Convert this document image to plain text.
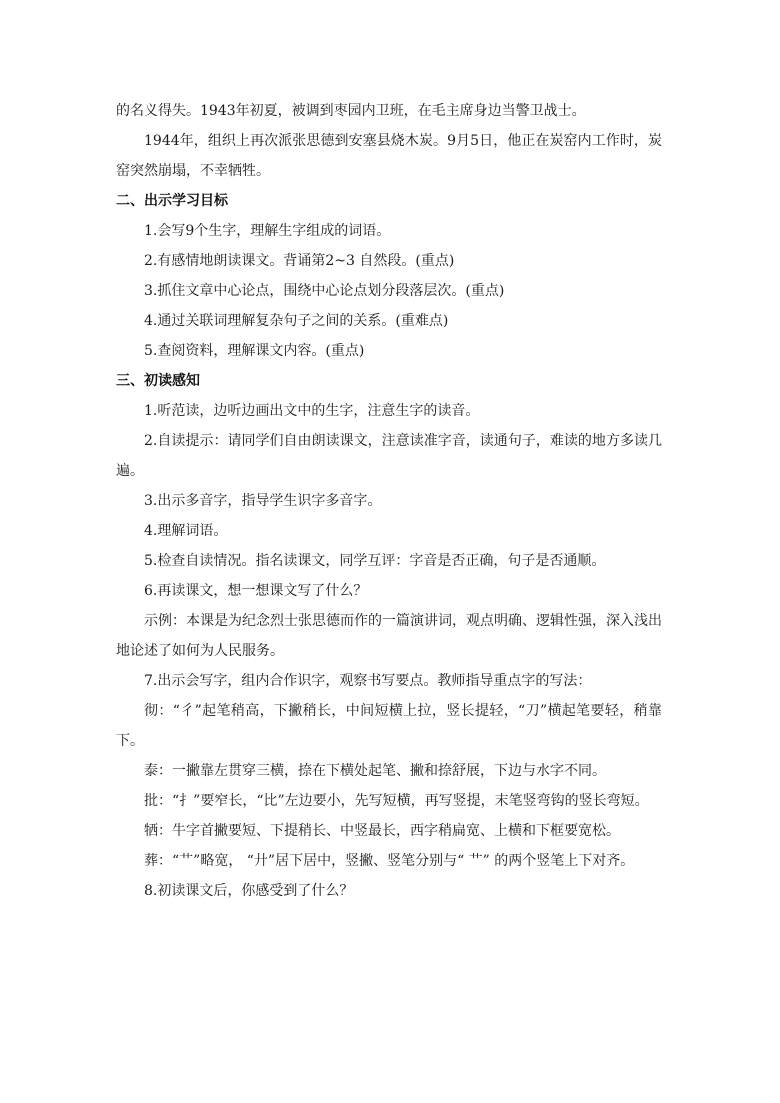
的名义得失。1943年初夏，被调到枣园内卫班，在毛主席身边当警卫战士。

1944年，组织上再次派张思德到安塞县烧木炭。9月5日，他正在炭窑内工作时，炭窑突然崩塌，不幸牺牲。

二、出示学习目标

1.会写9个生字，理解生字组成的词语。

2.有感情地朗读课文。背诵第2~3 自然段。(重点)

3.抓住文章中心论点，围绕中心论点划分段落层次。(重点)

4.通过关联词理解复杂句子之间的关系。(重难点)

5.查阅资料，理解课文内容。(重点)

三、初读感知

1.听范读，边听边画出文中的生字，注意生字的读音。

2.自读提示：请同学们自由朗读课文，注意读准字音，读通句子，难读的地方多读几遍。

3.出示多音字，指导学生识字多音字。

4.理解词语。

5.检查自读情况。指名读课文，同学互评：字音是否正确，句子是否通顺。

6.再读课文，想一想课文写了什么？

示例：本课是为纪念烈士张思德而作的一篇演讲词，观点明确、逻辑性强，深入浅出地论述了如何为人民服务。

7.出示会写字，组内合作识字，观察书写要点。教师指导重点字的写法：

彻：“彳”起笔稍高，下撇稍长，中间短横上拉，竖长提轻，“刀”横起笔要轻，稍靠下。

泰：一撇靠左贯穿三横，捺在下横处起笔、撇和捺舒展，下边与水字不同。

批：“扌”要窄长，“比”左边要小，先写短横，再写竖提，末笔竖弯钩的竖长弯短。

牺：牛字首撇要短、下提稍长、中竖最长，西字稍扁宽、上横和下框要宽松。

葬：“艹”略宽， “廾”居下居中，竖撇、竖笔分别与“ 艹” 的两个竖笔上下对齐。

8.初读课文后，你感受到了什么？
